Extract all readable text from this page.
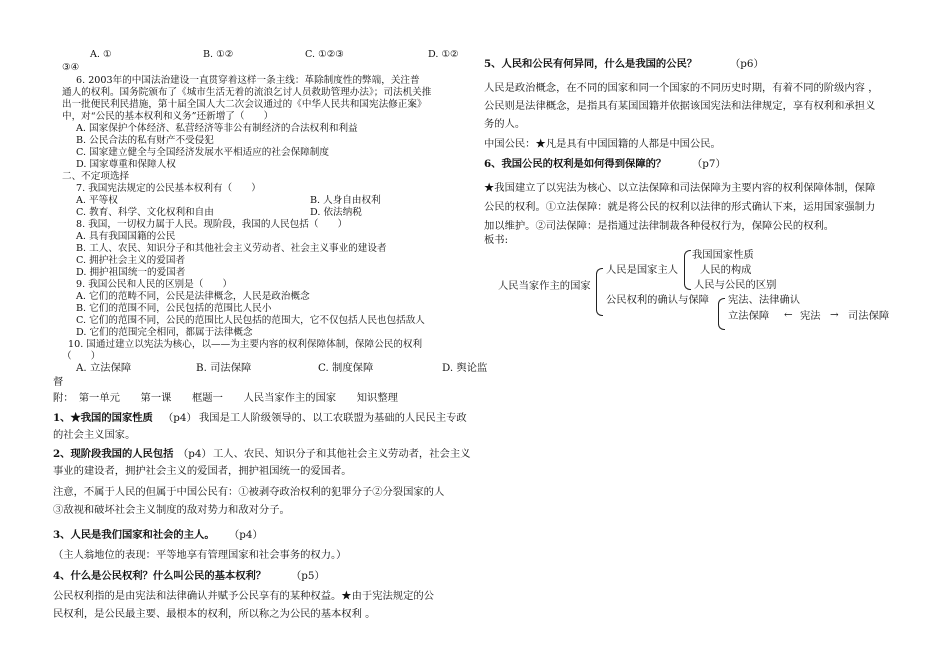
A. ①	B. ①②	C. ①②③	D. ①②
③④
6. 2003年的中国法治建设一直贯穿着这样一条主线：革除制度性的弊端，关注普
通人的权利。国务院颁布了《城市生活无着的流浪乞讨人员救助管理办法》；司法机关推
出一批便民利民措施，第十届全国人大二次会议通过的《中华人民共和国宪法修正案》
中，对“公民的基本权利和义务”还新增了（　　）
A. 国家保护个体经济、私营经济等非公有制经济的合法权利和利益
B. 公民合法的私有财产不受侵犯
C. 国家建立健全与全国经济发展水平相适应的社会保障制度
D. 国家尊重和保障人权
二、不定项选择
7. 我国宪法规定的公民基本权利有（　　）
A. 平等权	B. 人身自由权利
C. 教育、科学、文化权利和自由	D. 依法纳税
8. 我国，一切权力属于人民。现阶段，我国的人民包括（　　）
A. 具有我国国籍的公民
B. 工人、农民、知识分子和其他社会主义劳动者、社会主义事业的建设者
C. 拥护社会主义的爱国者
D. 拥护祖国统一的爱国者
9. 我国公民和人民的区别是（　　）
A. 它们的范畴不同，公民是法律概念，人民是政治概念
B. 它们的范围不同，公民包括的范围比人民小
C. 它们的范围不同，公民的范围比人民包括的范围大，它不仅包括人民也包括敌人
D. 它们的范围完全相同，都属于法律概念
10. 国通过建立以宪法为核心，以——为主要内容的权利保障体制，保障公民的权利
（　　）
A. 立法保障	B. 司法保障	C. 制度保障	D. 舆论监
督
附：　第一单元　　第一课　　框题一　　人民当家作主的国家　　知识整理
1、★我国的国家性质 （p4） 我国是工人阶级领导的、以工农联盟为基础的人民民主专政
的社会主义国家。
2、现阶段我国的人民包括 （p4） 工人、农民、知识分子和其他社会主义劳动者，社会主义
事业的建设者，拥护社会主义的爱国者，拥护祖国统一的爱国者。
注意，不属于人民的但属于中国公民有：①被剥夺政治权利的犯罪分子②分裂国家的人
③敌视和破坏社会主义制度的敌对势力和敌对分子。
3、人民是我们国家和社会的主人。 （p4）
（主人翁地位的表现：平等地享有管理国家和社会事务的权力。）
4、什么是公民权利？什么叫公民的基本权利？ （p5）
公民权利指的是由宪法和法律确认并赋予公民享有的某种权益。★由于宪法规定的公
民权利，是公民最主要、最根本的权利，所以称之为公民的基本权利 。
5、人民和公民有何异同，什么是我国的公民？	（p6）
人民是政治概念，在不同的国家和同一个国家的不同历史时期，有着不同的阶级内容 ，
公民则是法律概念，是指具有某国国籍并依据该国宪法和法律规定，享有权利和承担义
务的人。
中国公民：★凡是具有中国国籍的人都是中国公民。
6、我国公民的权利是如何得到保障的？	（p7）
★我国建立了以宪法为核心、以立法保障和司法保障为主要内容的权利保障体制，保障
公民的权利。①立法保障：就是将公民的权利以法律的形式确认下来，运用国家强制力
加以维护。②司法保障：是指通过法律制裁各种侵权行为，保障公民的权利。
板书:
人民当家作主的国家
人民是国家主人
我国国家性质
人民的构成
人民与公民的区别
公民权利的确认与保障 宪法、法律确认
立法保障 ← 宪法 → 司法保障
